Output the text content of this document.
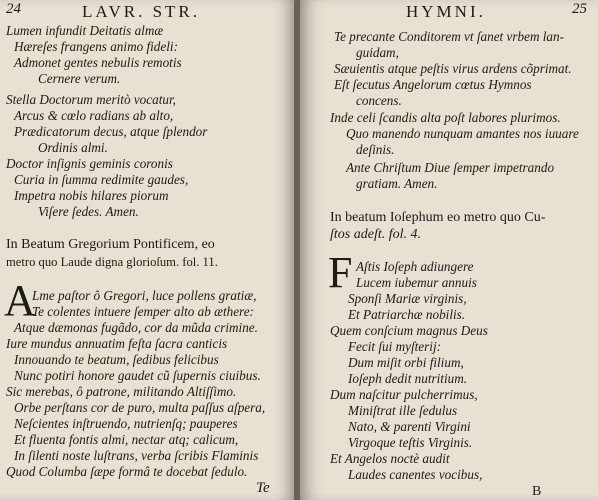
24	LAVR. STR.
Lumen infundit Deitatis almæ
Hæreſes frangens animo fideli:
Admonet gentes nebulis remotis
Cernere verum.
Stella Doctorum meritò vocatur,
Arcus & cœlo radians ab alto,
Prædicatorum decus, atque ſplendor
Ordinis almi.
Doctor inſignis geminis coronis
Curia in ſumma redimite gaudes,
Impetra nobis hilares piorum
Viſere ſedes. Amen.
In Beatum Gregorium Pontificem, eo
metro quo Laude digna glorioſum. fol. 11.
A
Lme paſtor ô Gregori, luce pollens gratiæ,
Te colentes intuere ſemper alto ab æthere:
Atque dæmonas fugãdo, cor da mũda crimine.
Iure mundus annuatim feſta ſacra canticis
Innouando te beatum, ſedibus felicibus
Nunc potiri honore gaudet cũ ſupernis ciuibus.
Sic merebas, ô patrone, militando Altiſſimo.
Orbe perſtans cor de puro, multa paſſus aſpera,
Neſcientes inſtruendo, nutrienſq; pauperes
Et fluenta fontis almi, nectar atq; calicum,
In ſilenti noste luſtrans, verba ſcribis Flaminis
Quod Columba ſæpe formâ te docebat ſedulo.
Te
HYMNI.	25
Te precante Conditorem vt ſanet vrbem lan-
guidam,
Sæuientis atque peſtis virus ardens cõprimat.
Eſt ſecutus Angelorum cœtus Hymnos
concens.
Inde celi ſcandis alta poſt labores plurimos.
Quo manendo nunquam amantes nos iuuare
deſinis.
Ante Chriſtum Diue ſemper impetrando
gratiam. Amen.
In beatum Ioſephum eo metro quo Cu-
ſtos adeſt. fol. 4.
F Aſtis Ioſeph adiungere
Lucem iubemur annuis
Sponſi Mariæ virginis,
Et Patriarchæ nobilis.
Quem conſcium magnus Deus
Fecit ſui myſterij:
Dum miſit orbi filium,
Ioſeph dedit nutritium.
Dum naſcitur pulcherrimus,
Miniſtrat ille ſedulus
Nato, & parenti Virgini
Virgoque teſtis Virginis.
Et Angelos noctè audit
Laudes canentes vocibus,
B
